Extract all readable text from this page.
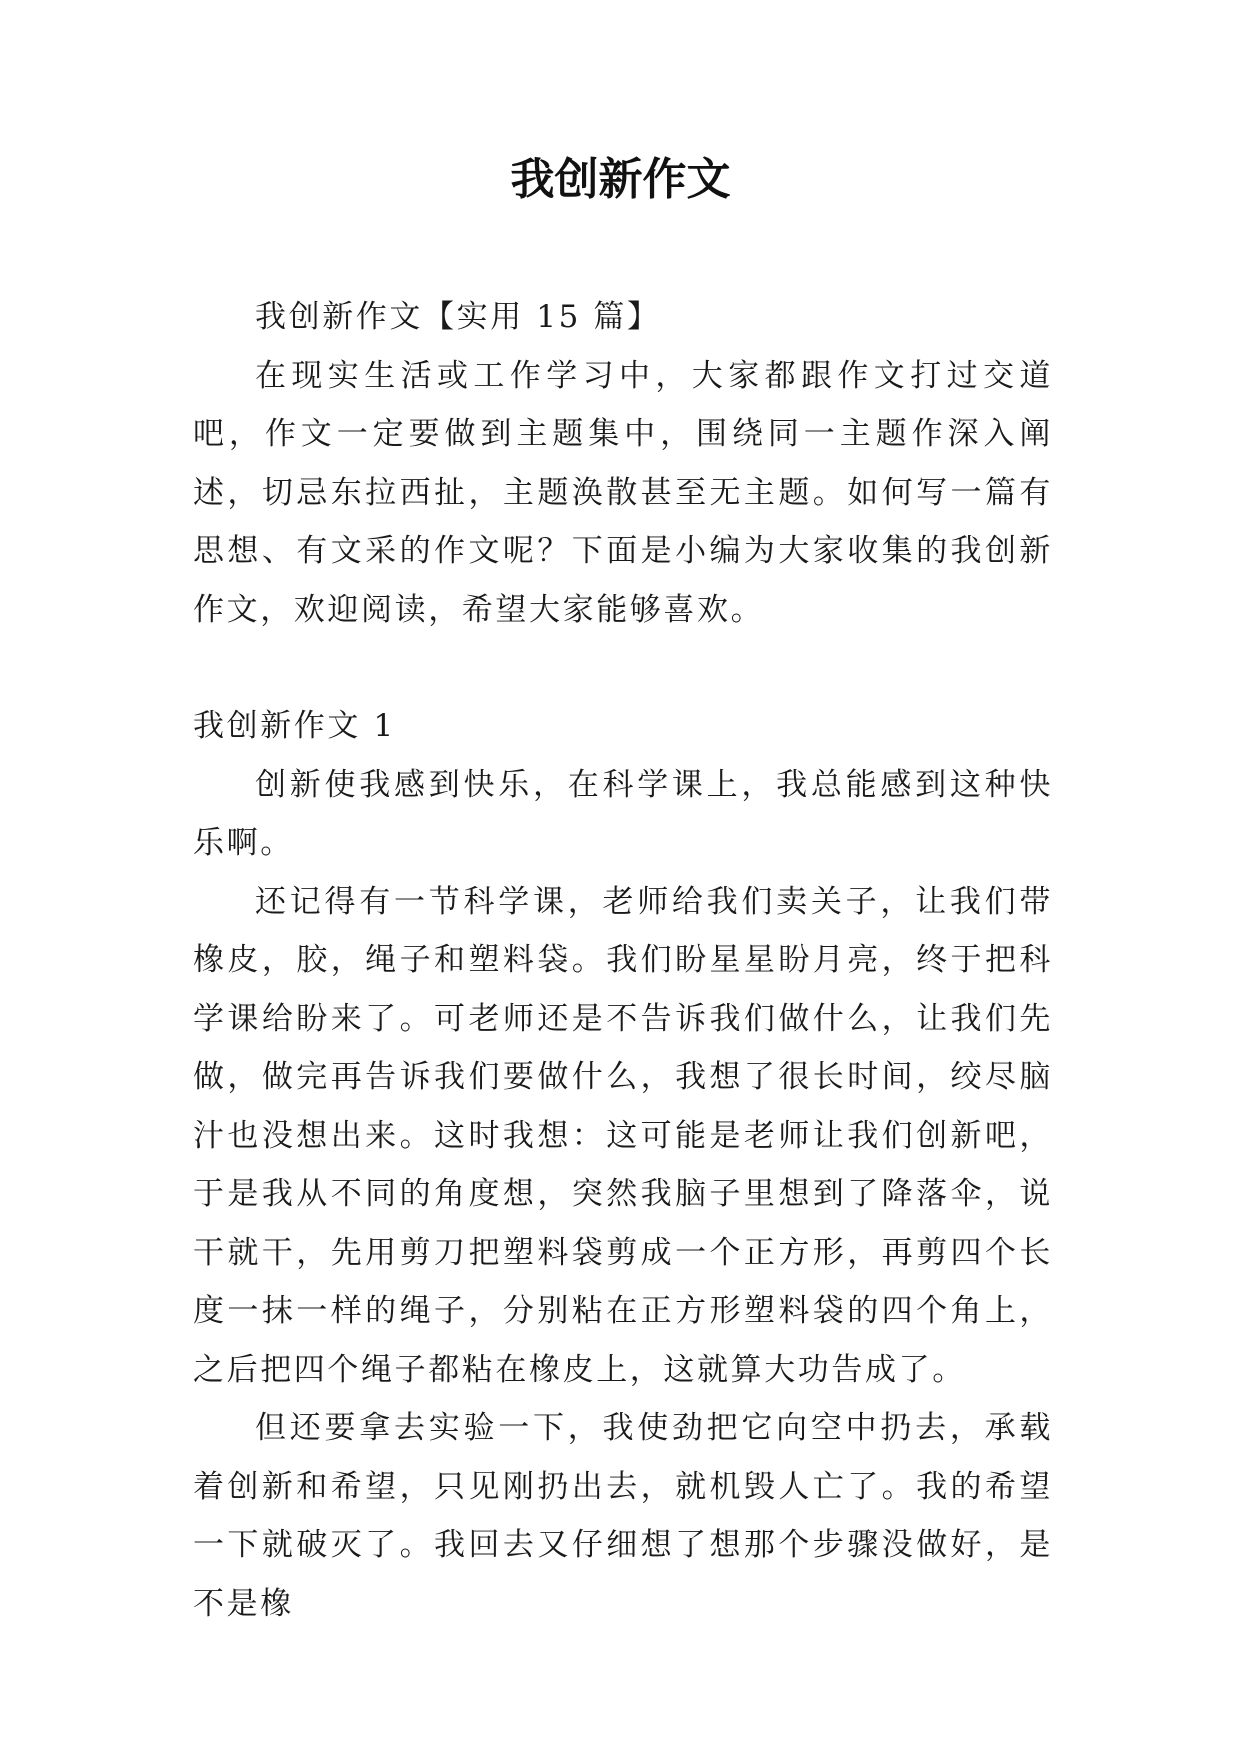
我创新作文

我创新作文【实用 15 篇】

在现实生活或工作学习中，大家都跟作文打过交道吧，作文一定要做到主题集中，围绕同一主题作深入阐述，切忌东拉西扯，主题涣散甚至无主题。如何写一篇有思想、有文采的作文呢？下面是小编为大家收集的我创新作文，欢迎阅读，希望大家能够喜欢。

我创新作文 1

创新使我感到快乐，在科学课上，我总能感到这种快乐啊。

还记得有一节科学课，老师给我们卖关子，让我们带橡皮，胶，绳子和塑料袋。我们盼星星盼月亮，终于把科学课给盼来了。可老师还是不告诉我们做什么，让我们先做，做完再告诉我们要做什么，我想了很长时间，绞尽脑汁也没想出来。这时我想：这可能是老师让我们创新吧，于是我从不同的角度想，突然我脑子里想到了降落伞，说干就干，先用剪刀把塑料袋剪成一个正方形，再剪四个长度一抹一样的绳子，分别粘在正方形塑料袋的四个角上，之后把四个绳子都粘在橡皮上，这就算大功告成了。

但还要拿去实验一下，我使劲把它向空中扔去，承载着创新和希望，只见刚扔出去，就机毁人亡了。我的希望一下就破灭了。我回去又仔细想了想那个步骤没做好，是不是橡
